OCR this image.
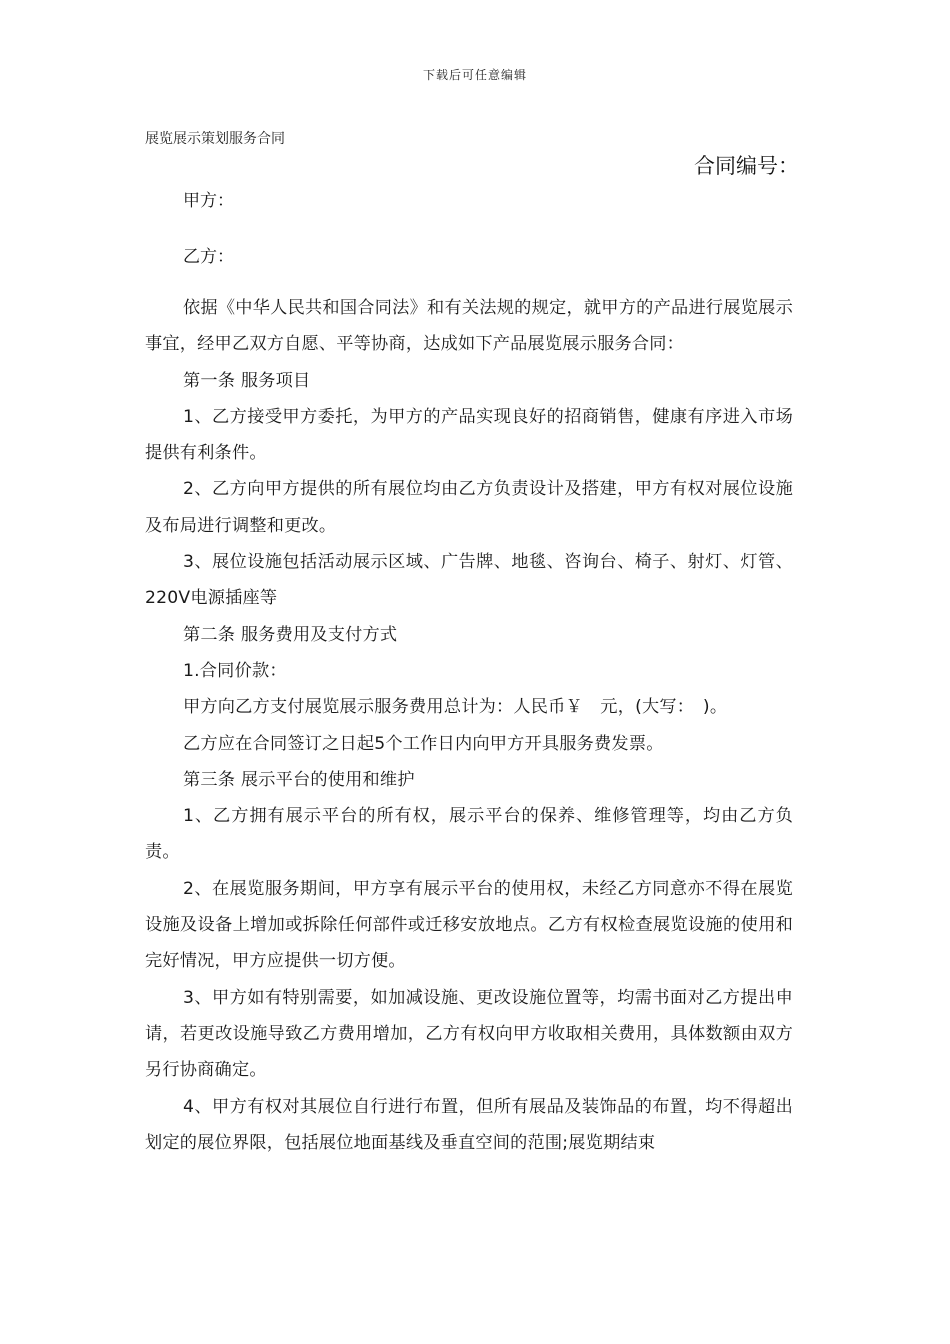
下载后可任意编辑
展览展示策划服务合同
合同编号：
甲方：
乙方：

依据《中华人民共和国合同法》和有关法规的规定，就甲方的产品进行展览展示事宜，经甲乙双方自愿、平等协商，达成如下产品展览展示服务合同：

第一条 服务项目

1、乙方接受甲方委托，为甲方的产品实现良好的招商销售，健康有序进入市场提供有利条件。

2、乙方向甲方提供的所有展位均由乙方负责设计及搭建，甲方有权对展位设施及布局进行调整和更改。

3、展位设施包括活动展示区域、广告牌、地毯、咨询台、椅子、射灯、灯管、220V电源插座等

第二条 服务费用及支付方式

1.合同价款：

甲方向乙方支付展览展示服务费用总计为：人民币￥　元，(大写：　)。

乙方应在合同签订之日起5个工作日内向甲方开具服务费发票。

第三条 展示平台的使用和维护

1、乙方拥有展示平台的所有权，展示平台的保养、维修管理等，均由乙方负责。

2、在展览服务期间，甲方享有展示平台的使用权，未经乙方同意亦不得在展览设施及设备上增加或拆除任何部件或迁移安放地点。乙方有权检查展览设施的使用和完好情况，甲方应提供一切方便。

3、甲方如有特别需要，如加减设施、更改设施位置等，均需书面对乙方提出申请，若更改设施导致乙方费用增加，乙方有权向甲方收取相关费用，具体数额由双方另行协商确定。

4、甲方有权对其展位自行进行布置，但所有展品及装饰品的布置，均不得超出划定的展位界限，包括展位地面基线及垂直空间的范围;展览期结束
